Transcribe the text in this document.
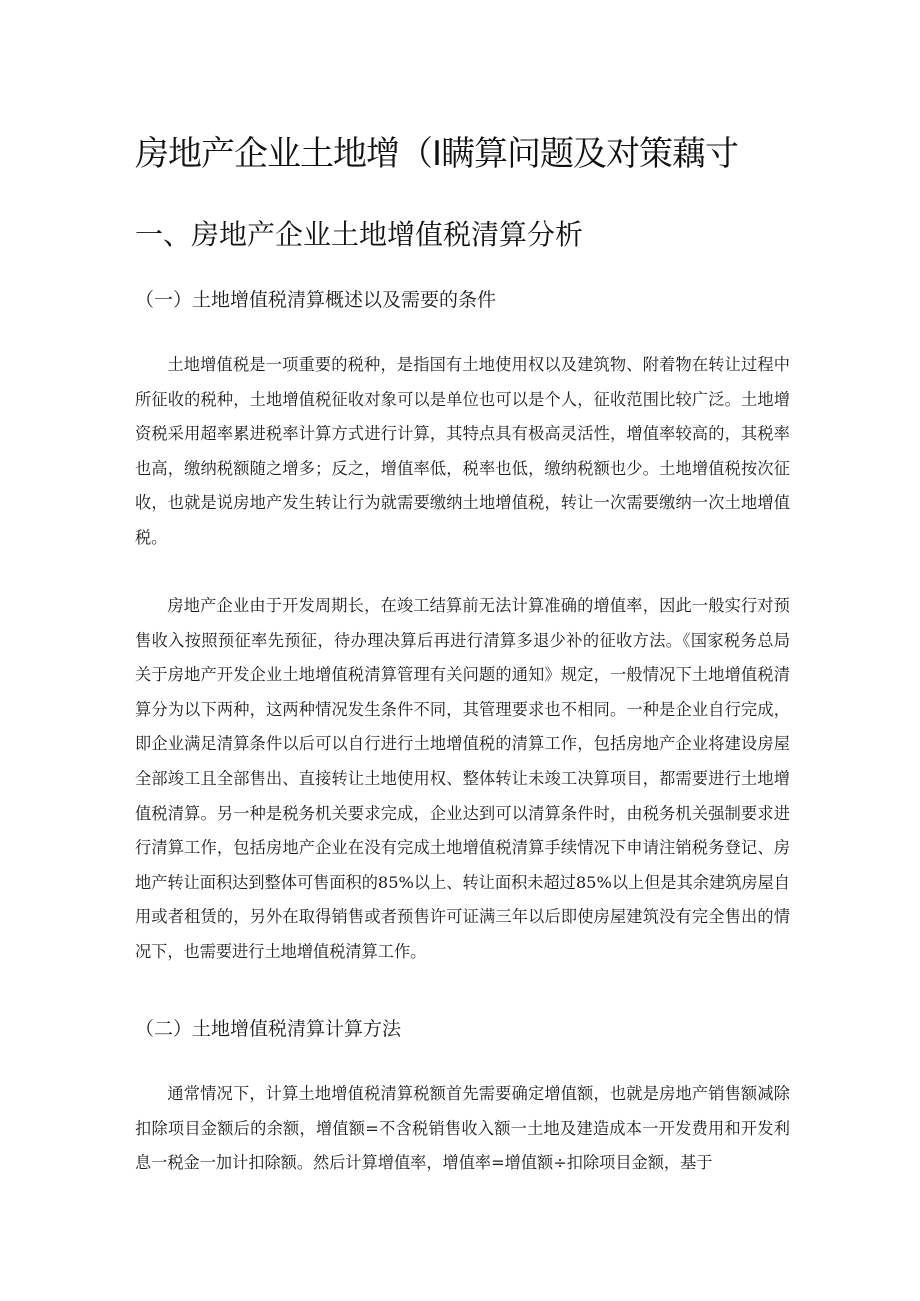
房地产企业土地增（Ⅰ瞒算问题及对策藕寸
一、房地产企业土地增值税清算分析
（一）土地增值税清算概述以及需要的条件

土地增值税是一项重要的税种，是指国有土地使用权以及建筑物、附着物在转让过程中所征收的税种，土地增值税征收对象可以是单位也可以是个人，征收范围比较广泛。土地增资税采用超率累进税率计算方式进行计算，其特点具有极高灵活性，增值率较高的，其税率也高，缴纳税额随之增多；反之，增值率低，税率也低，缴纳税额也少。土地增值税按次征收，也就是说房地产发生转让行为就需要缴纳土地增值税，转让一次需要缴纳一次土地增值税。

房地产企业由于开发周期长，在竣工结算前无法计算准确的增值率，因此一般实行对预售收入按照预征率先预征，待办理决算后再进行清算多退少补的征收方法。《国家税务总局关于房地产开发企业土地增值税清算管理有关问题的通知》规定，一般情况下土地增值税清算分为以下两种，这两种情况发生条件不同，其管理要求也不相同。一种是企业自行完成，即企业满足清算条件以后可以自行进行土地增值税的清算工作，包括房地产企业将建设房屋全部竣工且全部售出、直接转让土地使用权、整体转让未竣工决算项目，都需要进行土地增值税清算。另一种是税务机关要求完成，企业达到可以清算条件时，由税务机关强制要求进行清算工作，包括房地产企业在没有完成土地增值税清算手续情况下申请注销税务登记、房地产转让面积达到整体可售面积的85%以上、转让面积未超过85%以上但是其余建筑房屋自用或者租赁的，另外在取得销售或者预售许可证满三年以后即使房屋建筑没有完全售出的情况下，也需要进行土地增值税清算工作。

（二）土地增值税清算计算方法

通常情况下，计算土地增值税清算税额首先需要确定增值额，也就是房地产销售额减除扣除项目金额后的余额，增值额=不含税销售收入额一土地及建造成本一开发费用和开发利息一税金一加计扣除额。然后计算增值率，增值率=增值额÷扣除项目金额，基于
